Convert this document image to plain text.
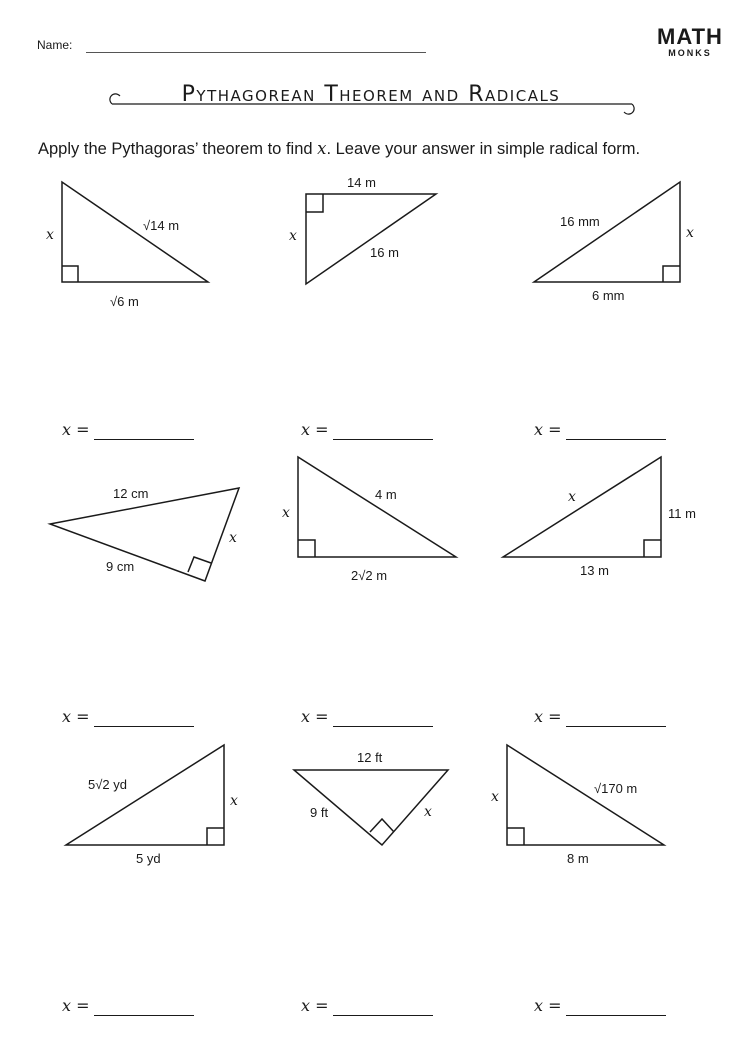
Name:	MATH
MONKS
Pythagorean Theorem and Radicals
Apply the Pythagoras’ theorem to find x. Leave your answer in simple radical form.
x
√14 m
√6 m
14 m
x
16 m
16 mm
x
6 mm
12 cm
x
9 cm
x
4 m
2√2 m
x
11 m
13 m
5√2 yd
x
5 yd
12 ft
9 ft	x
x
√170 m
8 m
x =	x =	x =
x =	x =	x =
x =	x =	x =
